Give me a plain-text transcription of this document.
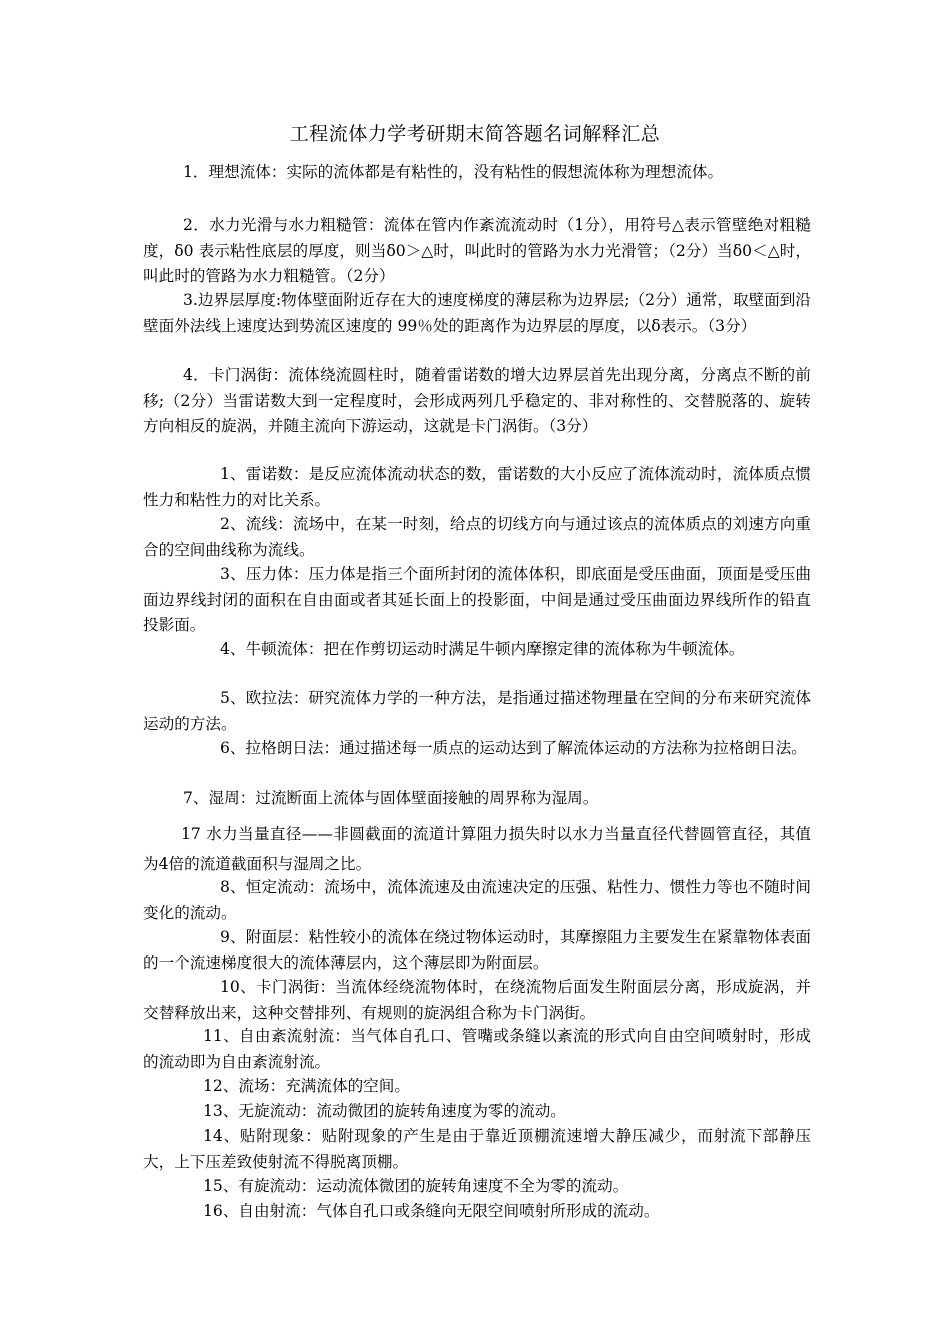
工程流体力学考研期末简答题名词解释汇总
1．理想流体：实际的流体都是有粘性的，没有粘性的假想流体称为理想流体。
2．水力光滑与水力粗糙管：流体在管内作紊流流动时（1分），用符号△表示管壁绝对粗糙度，δ0 表示粘性底层的厚度，则当δ0＞△时，叫此时的管路为水力光滑管；（2分）当δ0＜△时，叫此时的管路为水力粗糙管。（2分）
3.边界层厚度:物体壁面附近存在大的速度梯度的薄层称为边界层;（2分）通常，取壁面到沿壁面外法线上速度达到势流区速度的 99％处的距离作为边界层的厚度，以δ表示。（3分）
4．卡门涡街：流体绕流圆柱时，随着雷诺数的增大边界层首先出现分离，分离点不断的前移;（2分）当雷诺数大到一定程度时，会形成两列几乎稳定的、非对称性的、交替脱落的、旋转方向相反的旋涡，并随主流向下游运动，这就是卡门涡街。（3分）
1、雷诺数：是反应流体流动状态的数，雷诺数的大小反应了流体流动时，流体质点惯性力和粘性力的对比关系。
2、流线：流场中，在某一时刻，给点的切线方向与通过该点的流体质点的刘速方向重合的空间曲线称为流线。
3、压力体：压力体是指三个面所封闭的流体体积，即底面是受压曲面，顶面是受压曲面边界线封闭的面积在自由面或者其延长面上的投影面，中间是通过受压曲面边界线所作的铅直投影面。
4、牛顿流体：把在作剪切运动时满足牛顿内摩擦定律的流体称为牛顿流体。
5、欧拉法：研究流体力学的一种方法，是指通过描述物理量在空间的分布来研究流体运动的方法。
6、拉格朗日法：通过描述每一质点的运动达到了解流体运动的方法称为拉格朗日法。
7、湿周：过流断面上流体与固体壁面接触的周界称为湿周。
17 水力当量直径——非圆截面的流道计算阻力损失时以水力当量直径代替圆管直径，其值为4倍的流道截面积与湿周之比。
8、恒定流动：流场中，流体流速及由流速决定的压强、粘性力、惯性力等也不随时间变化的流动。
9、附面层：粘性较小的流体在绕过物体运动时，其摩擦阻力主要发生在紧靠物体表面的一个流速梯度很大的流体薄层内，这个薄层即为附面层。
10、卡门涡街：当流体经绕流物体时，在绕流物后面发生附面层分离，形成旋涡，并交替释放出来，这种交替排列、有规则的旋涡组合称为卡门涡街。
11、自由紊流射流：当气体自孔口、管嘴或条缝以紊流的形式向自由空间喷射时，形成的流动即为自由紊流射流。
12、流场：充满流体的空间。
13、无旋流动：流动微团的旋转角速度为零的流动。
14、贴附现象：贴附现象的产生是由于靠近顶棚流速增大静压减少，而射流下部静压大，上下压差致使射流不得脱离顶棚。
15、有旋流动：运动流体微团的旋转角速度不全为零的流动。
16、自由射流：气体自孔口或条缝向无限空间喷射所形成的流动。
